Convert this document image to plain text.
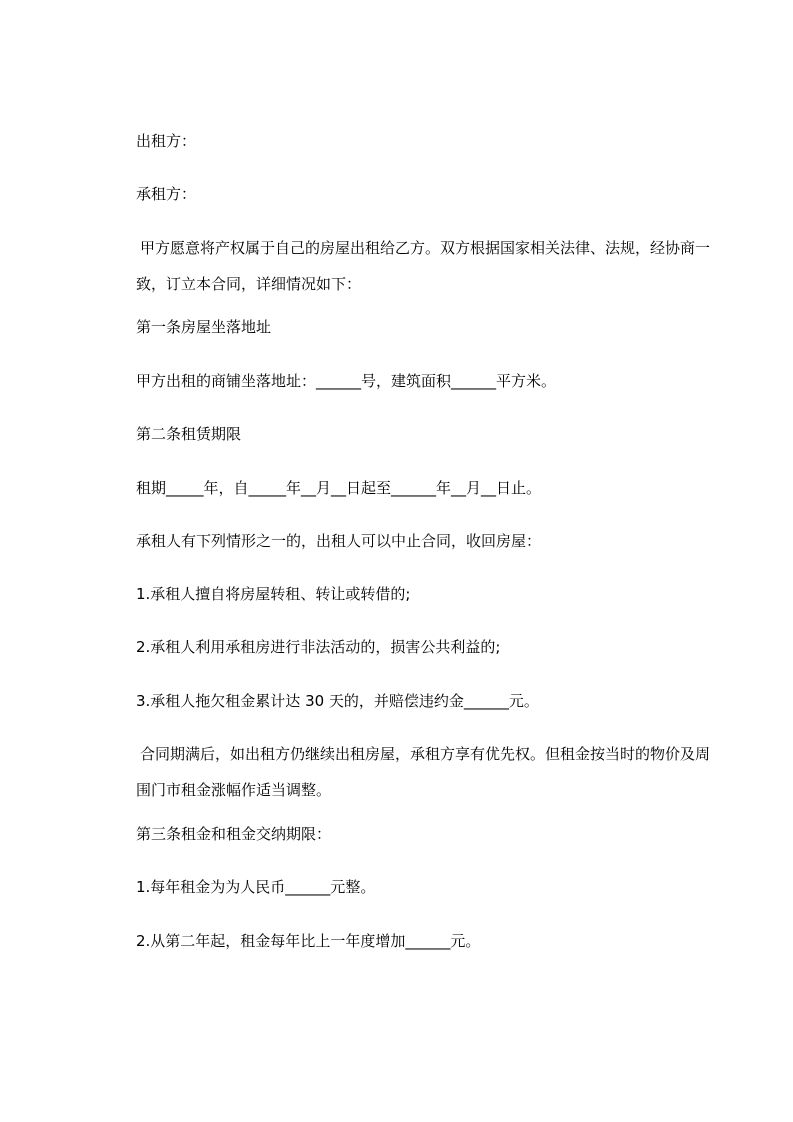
出租方：

承租方：

甲方愿意将产权属于自己的房屋出租给乙方。双方根据国家相关法律、法规，经协商一致，订立本合同，详细情况如下：

第一条房屋坐落地址

甲方出租的商铺坐落地址：______号，建筑面积______平方米。

第二条租赁期限

租期_____年，自_____年__月__日起至______年__月__日止。

承租人有下列情形之一的，出租人可以中止合同，收回房屋：

1.承租人擅自将房屋转租、转让或转借的;

2.承租人利用承租房进行非法活动的，损害公共利益的;

3.承租人拖欠租金累计达 30 天的，并赔偿违约金______元。

合同期满后，如出租方仍继续出租房屋，承租方享有优先权。但租金按当时的物价及周围门市租金涨幅作适当调整。

第三条租金和租金交纳期限：

1.每年租金为为人民币______元整。

2.从第二年起，租金每年比上一年度增加______元。
